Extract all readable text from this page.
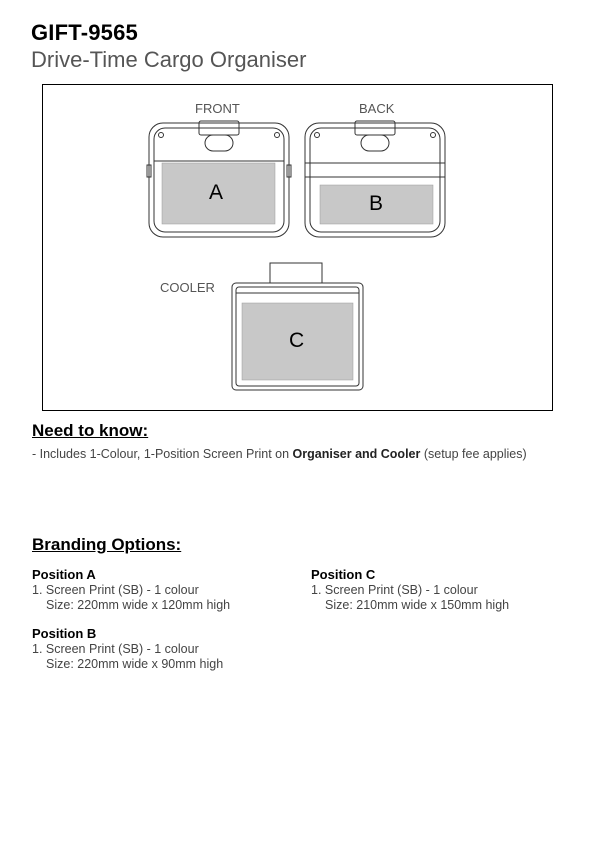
GIFT-9565
Drive-Time Cargo Organiser
FRONT	BACK
COOLER
A	B
C
Need to know:
- Includes 1-Colour, 1-Position Screen Print on Organiser and Cooler (setup fee applies)
Branding Options:
Position A
1. Screen Print (SB) - 1 colour
Size: 220mm wide x 120mm high
Position B
1. Screen Print (SB) - 1 colour
Size: 220mm wide x 90mm high
Position C
1. Screen Print (SB) - 1 colour
Size: 210mm wide x 150mm high
